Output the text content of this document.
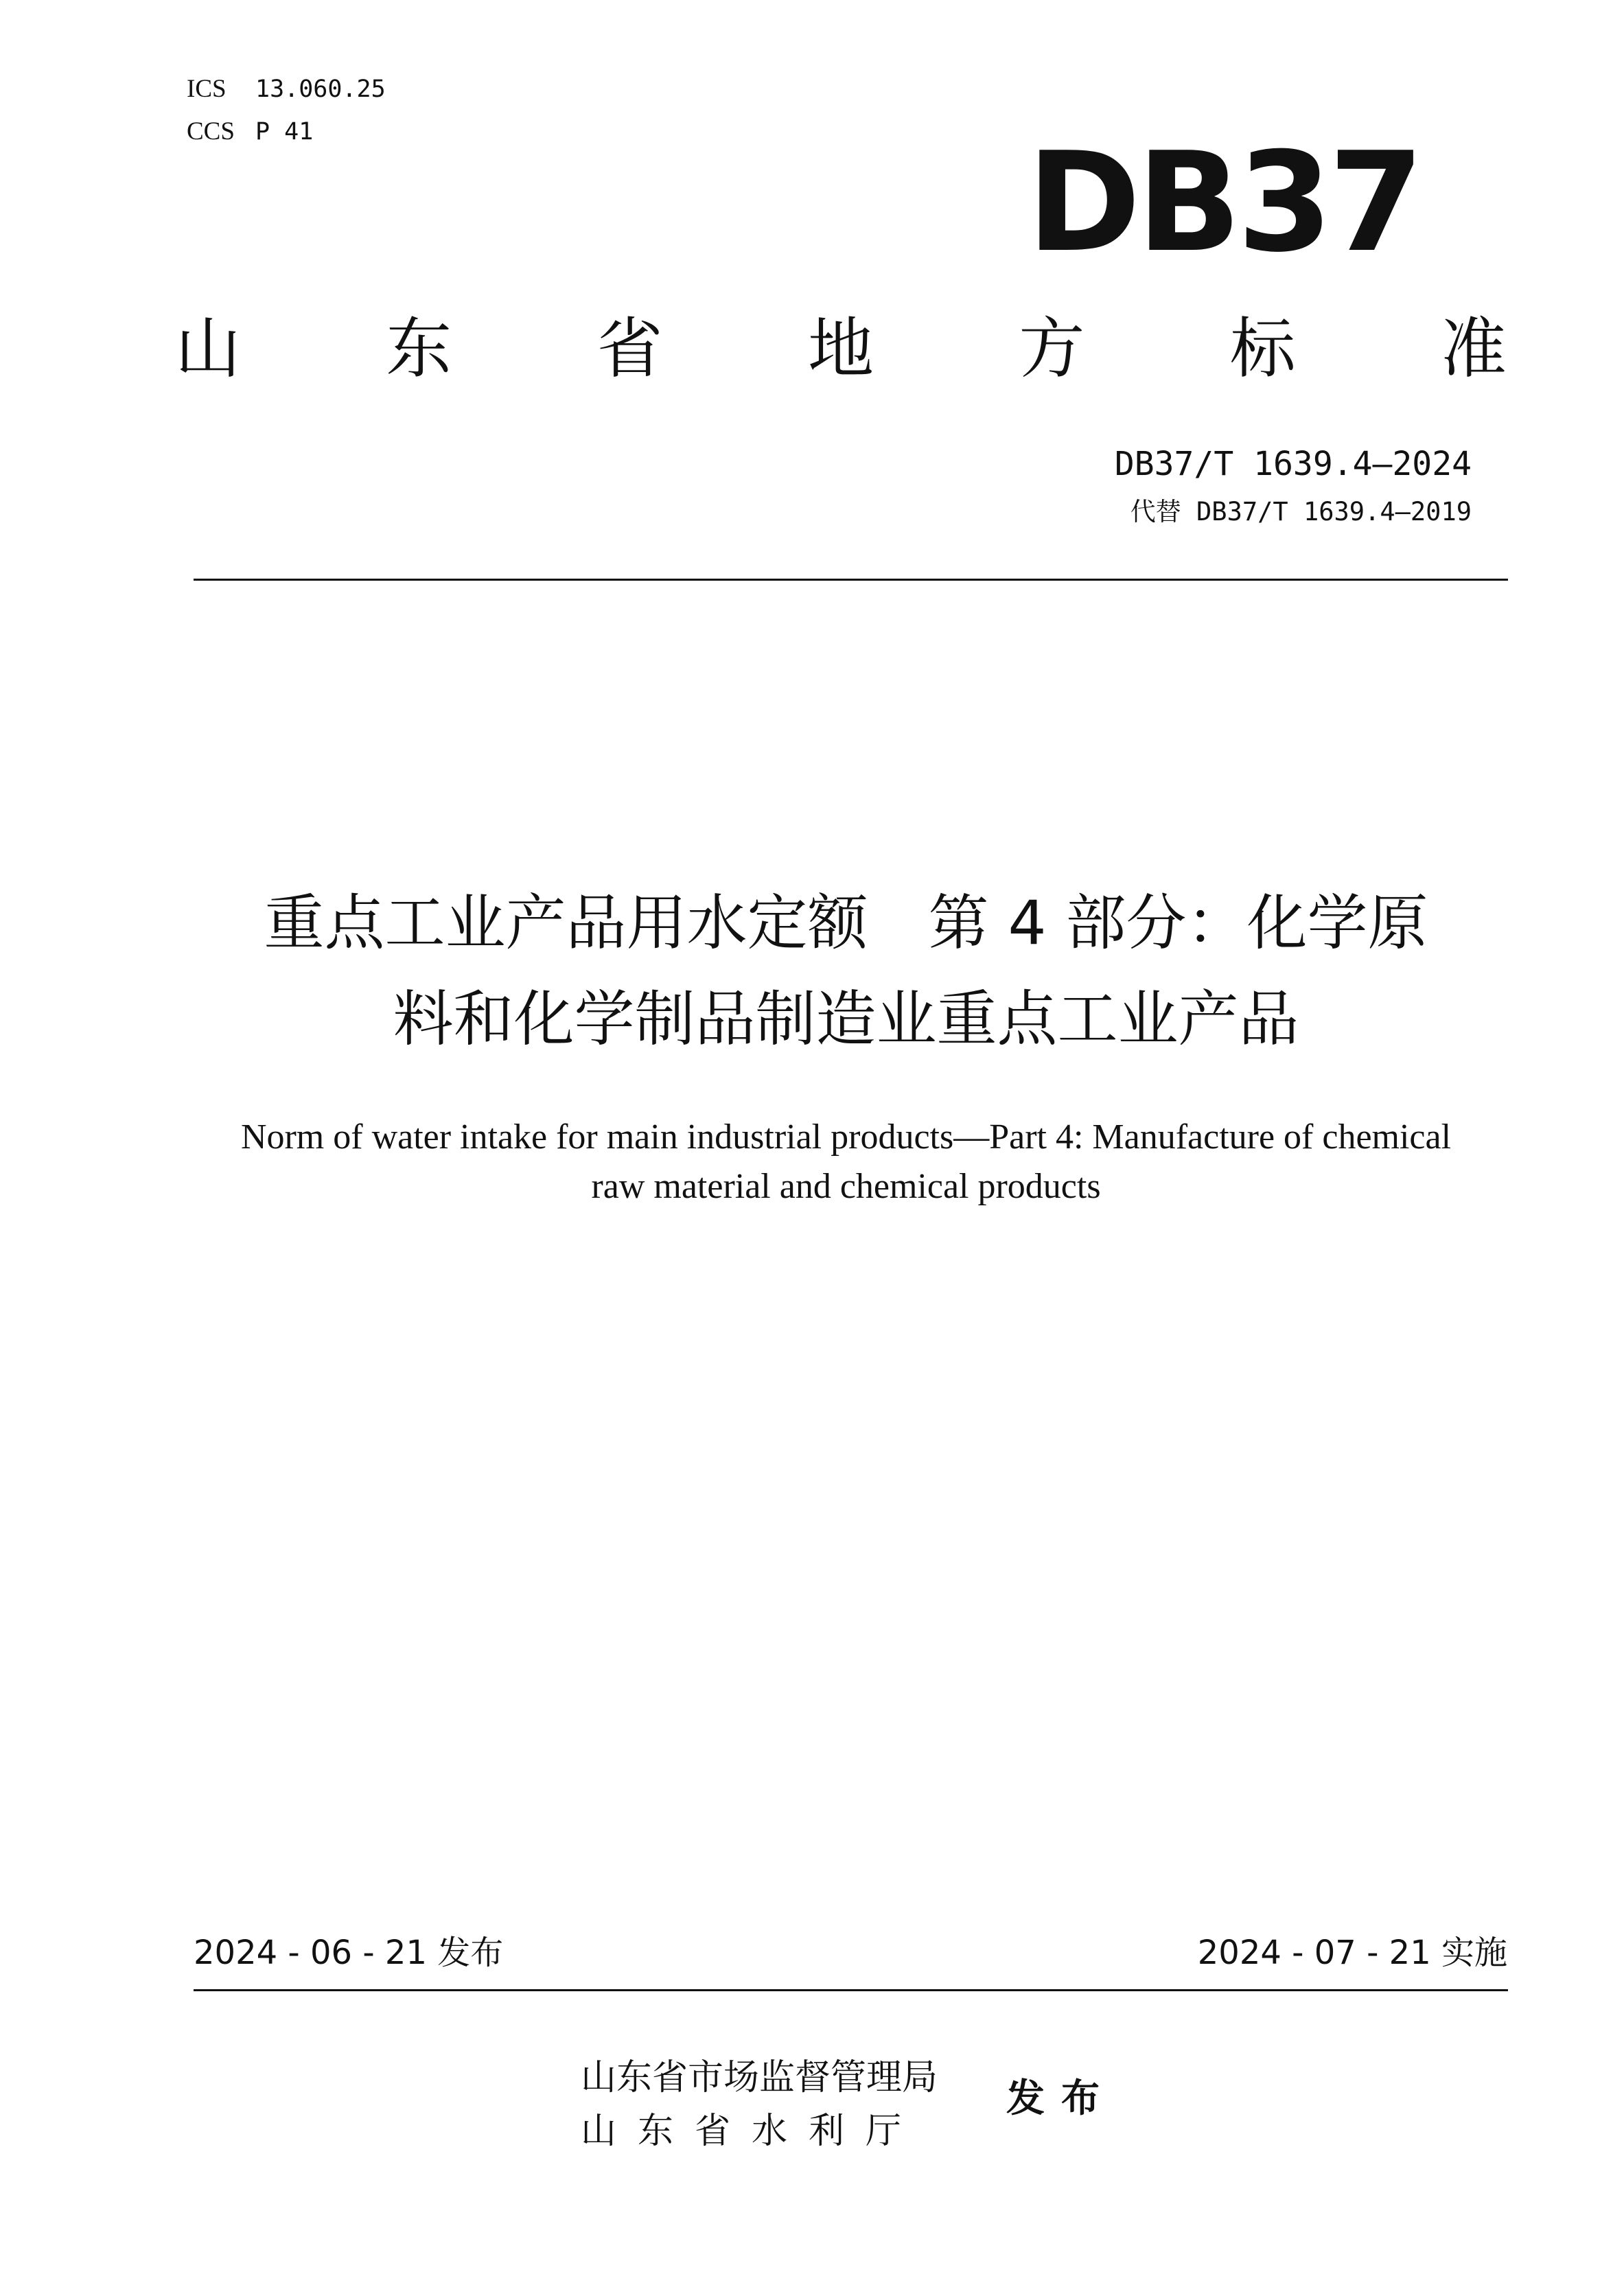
ICS	13.060.25
CCS P 41	DB37
山 东 省 地 方 标 准
DB37/T 1639.4—2024
代替 DB37/T 1639.4—2019
重点工业产品用水定额　第 4 部分：化学原
料和化学制品制造业重点工业产品
Norm of water intake for main industrial products—Part 4: Manufacture of chemical
raw material and chemical products
2024 - 06 - 21 发布	2024 - 07 - 21 实施
山东省市场监督管理局
山东省水利厅
发布
